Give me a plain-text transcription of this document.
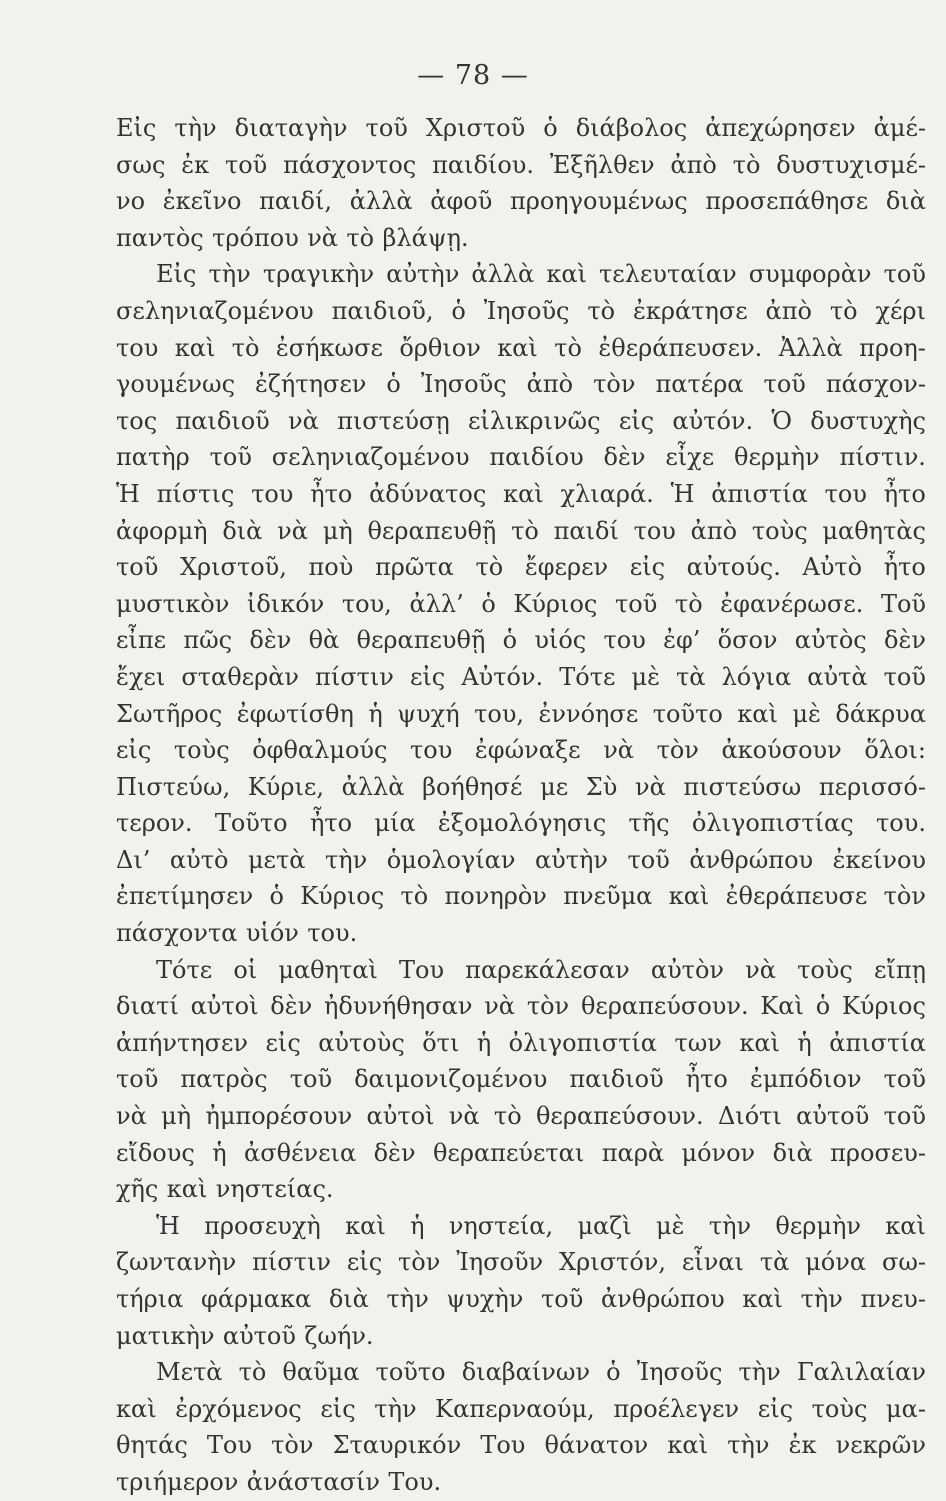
— 78 —
Εἰς τὴν διαταγὴν τοῦ Χριστοῦ ὁ διάβολος ἀπεχώρησεν ἀμέ-
σως ἐκ τοῦ πάσχοντος παιδίου. Ἐξῆλθεν ἀπὸ τὸ δυστυχισμέ-
νο ἐκεῖνο παιδί, ἀλλὰ ἀφοῦ προηγουμένως προσεπάθησε διὰ
παντὸς τρόπου νὰ τὸ βλάψῃ.
Εἰς τὴν τραγικὴν αὐτὴν ἀλλὰ καὶ τελευταίαν συμφορὰν τοῦ
σεληνιαζομένου παιδιοῦ, ὁ Ἰησοῦς τὸ ἐκράτησε ἀπὸ τὸ χέρι
του καὶ τὸ ἐσήκωσε ὄρθιον καὶ τὸ ἐθεράπευσεν. Ἀλλὰ προη-
γουμένως ἐζήτησεν ὁ Ἰησοῦς ἀπὸ τὸν πατέρα τοῦ πάσχον-
τος παιδιοῦ νὰ πιστεύσῃ εἰλικρινῶς εἰς αὐτόν. Ὁ δυστυχὴς
πατὴρ τοῦ σεληνιαζομένου παιδίου δὲν εἶχε θερμὴν πίστιν.
Ἡ πίστις του ἦτο ἀδύνατος καὶ χλιαρά. Ἡ ἀπιστία του ἦτο
ἀφορμὴ διὰ νὰ μὴ θεραπευθῇ τὸ παιδί του ἀπὸ τοὺς μαθητὰς
τοῦ Χριστοῦ, ποὺ πρῶτα τὸ ἔφερεν εἰς αὐτούς. Αὐτὸ ἦτο
μυστικὸν ἰδικόν του, ἀλλ’ ὁ Κύριος τοῦ τὸ ἐφανέρωσε. Τοῦ
εἶπε πῶς δὲν θὰ θεραπευθῇ ὁ υἱός του ἐφ’ ὅσον αὐτὸς δὲν
ἔχει σταθερὰν πίστιν εἰς Αὐτόν. Τότε μὲ τὰ λόγια αὐτὰ τοῦ
Σωτῆρος ἐφωτίσθη ἡ ψυχή του, ἐννόησε τοῦτο καὶ μὲ δάκρυα
εἰς τοὺς ὀφθαλμούς του ἐφώναξε νὰ τὸν ἀκούσουν ὅλοι:
Πιστεύω, Κύριε, ἀλλὰ βοήθησέ με Σὺ νὰ πιστεύσω περισσό-
τερον. Τοῦτο ἦτο μία ἐξομολόγησις τῆς ὀλιγοπιστίας του.
Δι’ αὐτὸ μετὰ τὴν ὁμολογίαν αὐτὴν τοῦ ἀνθρώπου ἐκείνου
ἐπετίμησεν ὁ Κύριος τὸ πονηρὸν πνεῦμα καὶ ἐθεράπευσε τὸν
πάσχοντα υἱόν του.
Τότε οἱ μαθηταὶ Του παρεκάλεσαν αὐτὸν νὰ τοὺς εἴπῃ
διατί αὐτοὶ δὲν ἠδυνήθησαν νὰ τὸν θεραπεύσουν. Καὶ ὁ Κύριος
ἀπήντησεν εἰς αὐτοὺς ὅτι ἡ ὀλιγοπιστία των καὶ ἡ ἀπιστία
τοῦ πατρὸς τοῦ δαιμονιζομένου παιδιοῦ ἦτο ἐμπόδιον τοῦ
νὰ μὴ ἠμπορέσουν αὐτοὶ νὰ τὸ θεραπεύσουν. Διότι αὐτοῦ τοῦ
εἴδους ἡ ἀσθένεια δὲν θεραπεύεται παρὰ μόνον διὰ προσευ-
χῆς καὶ νηστείας.
Ἡ προσευχὴ καὶ ἡ νηστεία, μαζὶ μὲ τὴν θερμὴν καὶ
ζωντανὴν πίστιν εἰς τὸν Ἰησοῦν Χριστόν, εἶναι τὰ μόνα σω-
τήρια φάρμακα διὰ τὴν ψυχὴν τοῦ ἀνθρώπου καὶ τὴν πνευ-
ματικὴν αὐτοῦ ζωήν.
Μετὰ τὸ θαῦμα τοῦτο διαβαίνων ὁ Ἰησοῦς τὴν Γαλιλαίαν
καὶ ἐρχόμενος εἰς τὴν Καπερναούμ, προέλεγεν εἰς τοὺς μα-
θητάς Του τὸν Σταυρικόν Του θάνατον καὶ τὴν ἐκ νεκρῶν
τριήμερον ἀνάστασίν Του.
